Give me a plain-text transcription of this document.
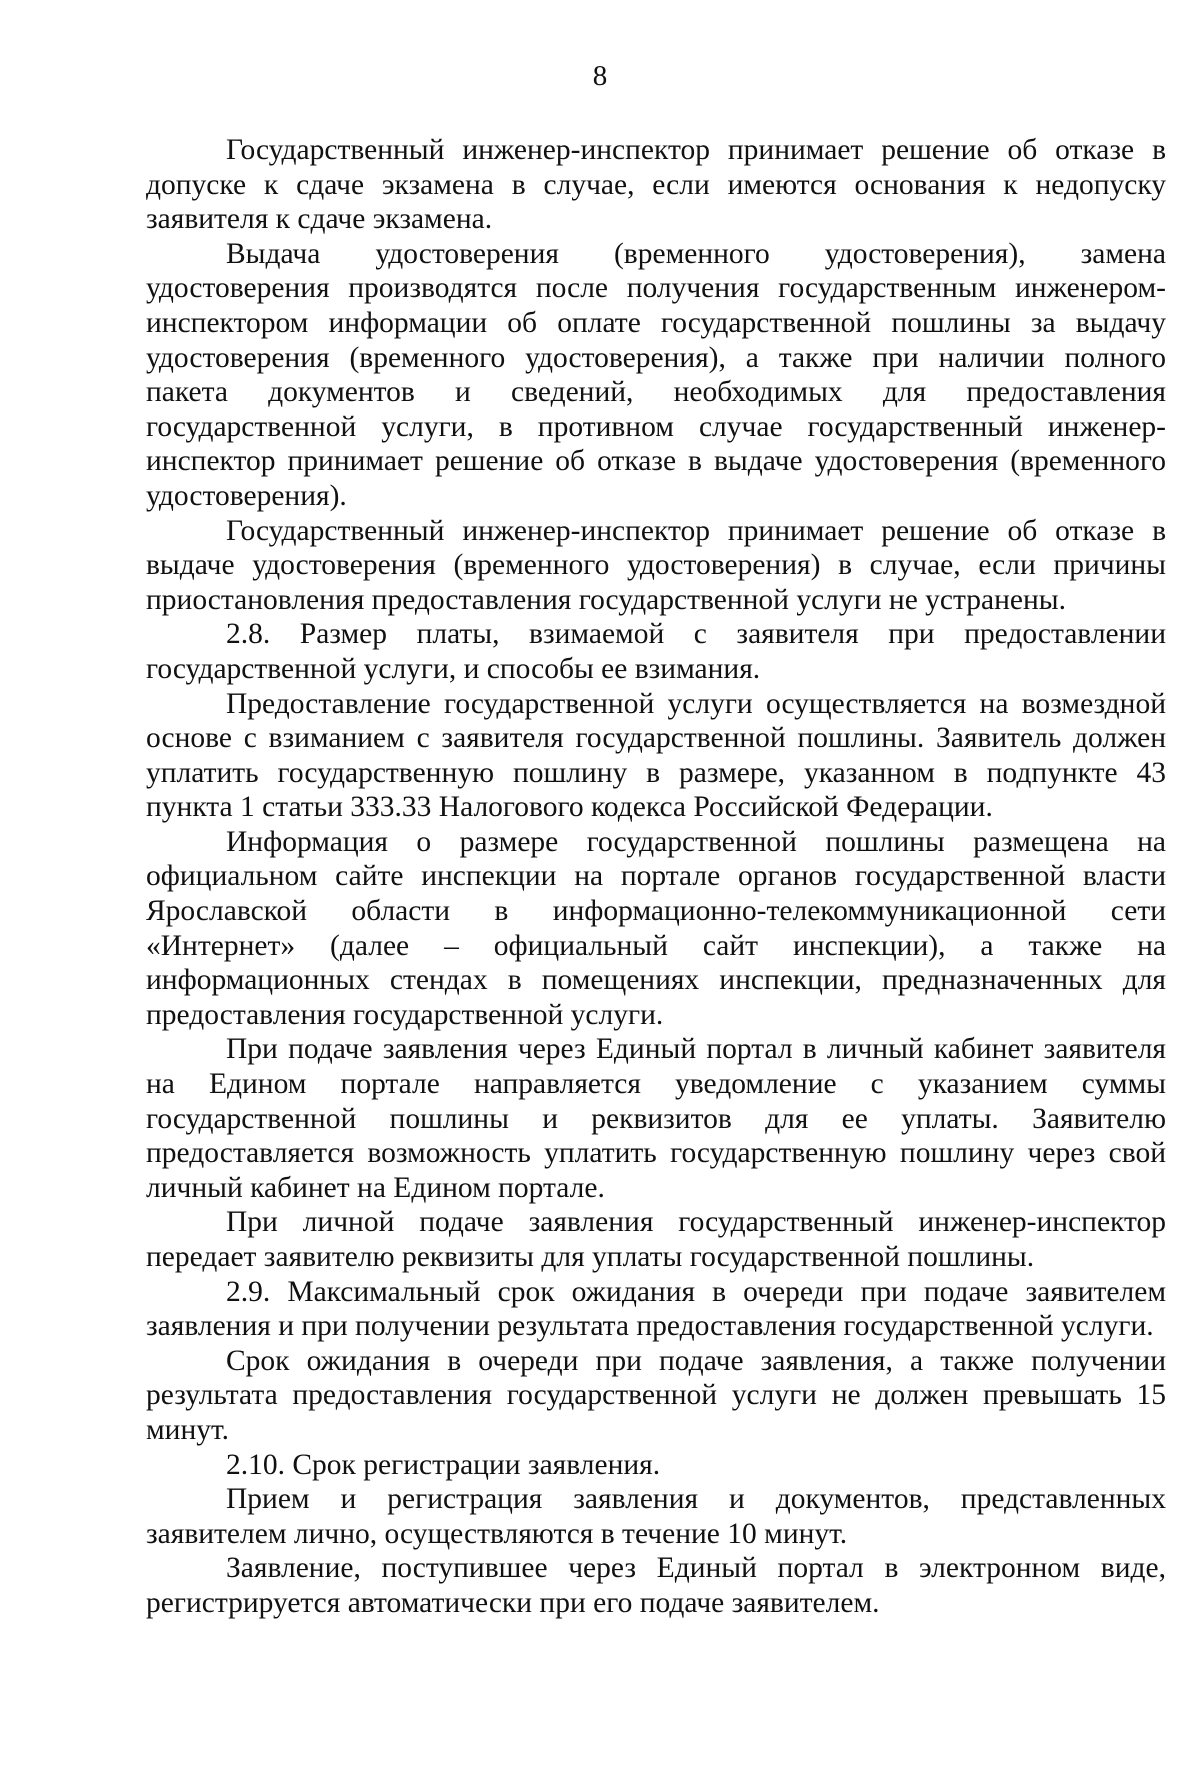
8

Государственный инженер-инспектор принимает решение об отказе в допуске к сдаче экзамена в случае, если имеются основания к недопуску заявителя к сдаче экзамена.

Выдача удостоверения (временного удостоверения), замена удостоверения производятся после получения государственным инженером-инспектором информации об оплате государственной пошлины за выдачу удостоверения (временного удостоверения), а также при наличии полного пакета документов и сведений, необходимых для предоставления государственной услуги, в противном случае государственный инженер-инспектор принимает решение об отказе в выдаче удостоверения (временного удостоверения).

Государственный инженер-инспектор принимает решение об отказе в выдаче удостоверения (временного удостоверения) в случае, если причины приостановления предоставления государственной услуги не устранены.

2.8. Размер платы, взимаемой с заявителя при предоставлении государственной услуги, и способы ее взимания.

Предоставление государственной услуги осуществляется на возмездной основе с взиманием с заявителя государственной пошлины. Заявитель должен уплатить государственную пошлину в размере, указанном в подпункте 43 пункта 1 статьи 333.33 Налогового кодекса Российской Федерации.

Информация о размере государственной пошлины размещена на официальном сайте инспекции на портале органов государственной власти Ярославской области в информационно-телекоммуникационной сети «Интернет» (далее – официальный сайт инспекции), а также на информационных стендах в помещениях инспекции, предназначенных для предоставления государственной услуги.

При подаче заявления через Единый портал в личный кабинет заявителя на Едином портале направляется уведомление с указанием суммы государственной пошлины и реквизитов для ее уплаты. Заявителю предоставляется возможность уплатить государственную пошлину через свой личный кабинет на Едином портале.

При личной подаче заявления государственный инженер-инспектор передает заявителю реквизиты для уплаты государственной пошлины.

2.9. Максимальный срок ожидания в очереди при подаче заявителем заявления и при получении результата предоставления государственной услуги.

Срок ожидания в очереди при подаче заявления, а также получении результата предоставления государственной услуги не должен превышать 15 минут.

2.10. Срок регистрации заявления.

Прием и регистрация заявления и документов, представленных заявителем лично, осуществляются в течение 10 минут.

Заявление, поступившее через Единый портал в электронном виде, регистрируется автоматически при его подаче заявителем.
